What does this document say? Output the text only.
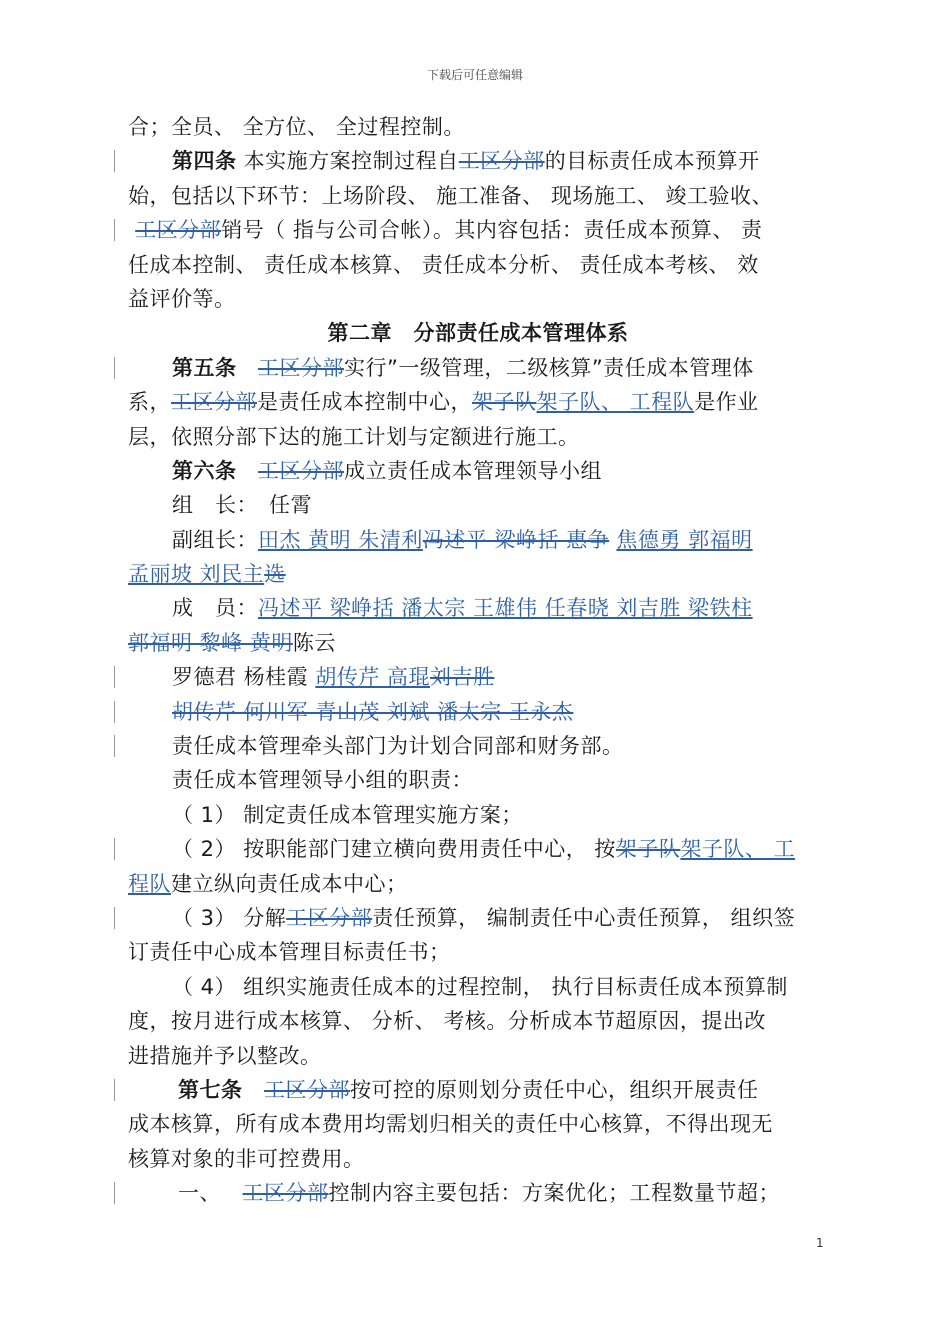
下载后可任意编辑
合；全员、 全方位、 全过程控制。
第四条 本实施方案控制过程自工区分部的目标责任成本预算开
始，包括以下环节：上场阶段、 施工准备、 现场施工、 竣工验收、
工区分部销号（ 指与公司合帐）。其内容包括：责任成本预算、 责
任成本控制、 责任成本核算、 责任成本分析、 责任成本考核、 效
益评价等。
第二章　分部责任成本管理体系
第五条 工区分部实行”一级管理，二级核算”责任成本管理体
系，工区分部是责任成本控制中心，架子队架子队、 工程队是作业
层，依照分部下达的施工计划与定额进行施工。
第六条 工区分部成立责任成本管理领导小组
组　长：　任霄
副组长：田杰 黄明 朱清利冯述平 梁峥括 惠争 焦德勇 郭福明
孟丽坡 刘民主选
成　员：冯述平 梁峥括 潘太宗 王雄伟 任春晓 刘吉胜 梁铁柱
郭福明 黎峰 黄明陈云
罗德君 杨桂霞 胡传芹 高琨刘吉胜
胡传芹 何川军 青山茂 刘斌 潘太宗 王永杰
责任成本管理牵头部门为计划合同部和财务部。
责任成本管理领导小组的职责：
（ 1） 制定责任成本管理实施方案；
（ 2） 按职能部门建立横向费用责任中心， 按架子队架子队、 工
程队建立纵向责任成本中心；
（ 3） 分解工区分部责任预算， 编制责任中心责任预算， 组织签
订责任中心成本管理目标责任书；
（ 4） 组织实施责任成本的过程控制， 执行目标责任成本预算制
度，按月进行成本核算、 分析、 考核。分析成本节超原因，提出改
进措施并予以整改。
第七条 工区分部按可控的原则划分责任中心，组织开展责任
成本核算，所有成本费用均需划归相关的责任中心核算，不得出现无
核算对象的非可控费用。
一、   工区分部控制内容主要包括：方案优化；工程数量节超；
1
